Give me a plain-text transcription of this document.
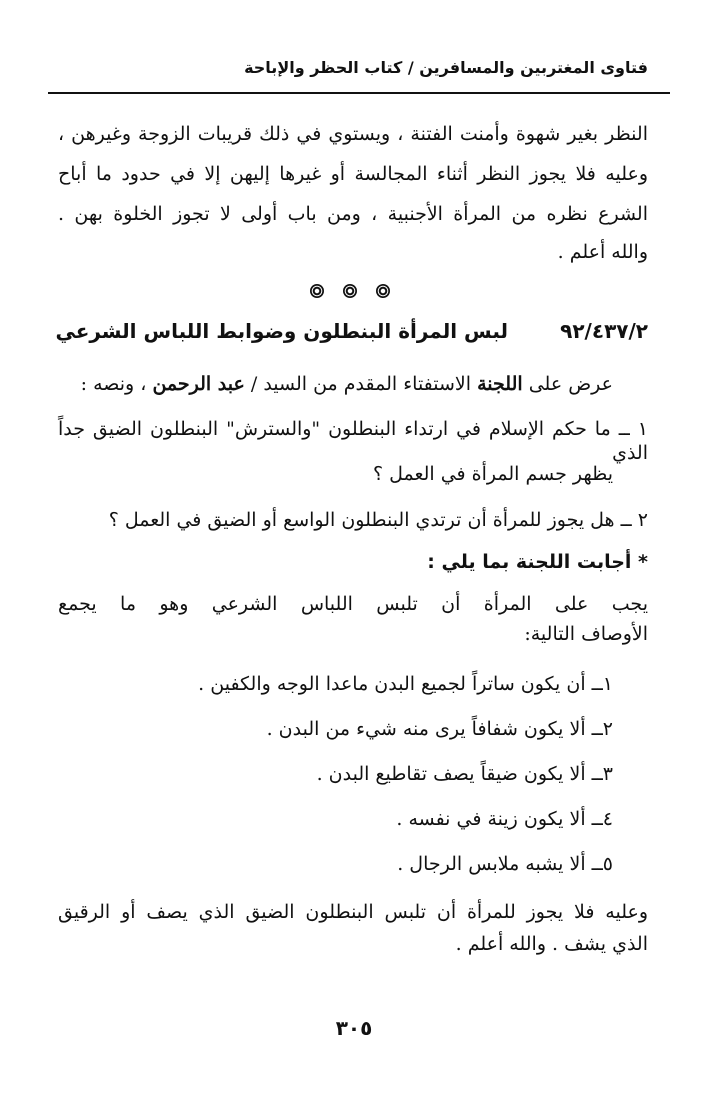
فتاوى المغتربين والمسافرين / كتاب الحظر والإباحة
النظر بغير شهوة وأمنت الفتنة ، ويستوي في ذلك قريبات الزوجة وغيرهن ،
وعليه فلا يجوز النظر أثناء المجالسة أو غيرها إليهن إلا في حدود ما أباح
الشرع نظره من المرأة الأجنبية ، ومن باب أولى لا تجوز الخلوة بهن .
والله أعلم .
٩٢/٤٣٧/٢
لبس المرأة البنطلون وضوابط اللباس الشرعي
عرض على اللجنة الاستفتاء المقدم من السيد / عبد الرحمن ، ونصه :
١ ــ ما حكم الإسلام في ارتداء البنطلون "والسترش" البنطلون الضيق جداً الذي
يظهر جسم المرأة في العمل ؟
٢ ــ هل يجوز للمرأة أن ترتدي البنطلون الواسع أو الضيق في العمل ؟
* أجابت اللجنة بما يلي :
يجب على المرأة أن تلبس اللباس الشرعي وهو ما يجمع
الأوصاف التالية:
١ــ أن يكون ساتراً لجميع البدن ماعدا الوجه والكفين .
٢ــ ألا يكون شفافاً يرى منه شيء من البدن .
٣ــ ألا يكون ضيقاً يصف تقاطيع البدن .
٤ــ ألا يكون زينة في نفسه .
٥ــ ألا يشبه ملابس الرجال .
وعليه فلا يجوز للمرأة أن تلبس البنطلون الضيق الذي يصف أو الرقيق
الذي يشف . والله أعلم .
٣٠٥
